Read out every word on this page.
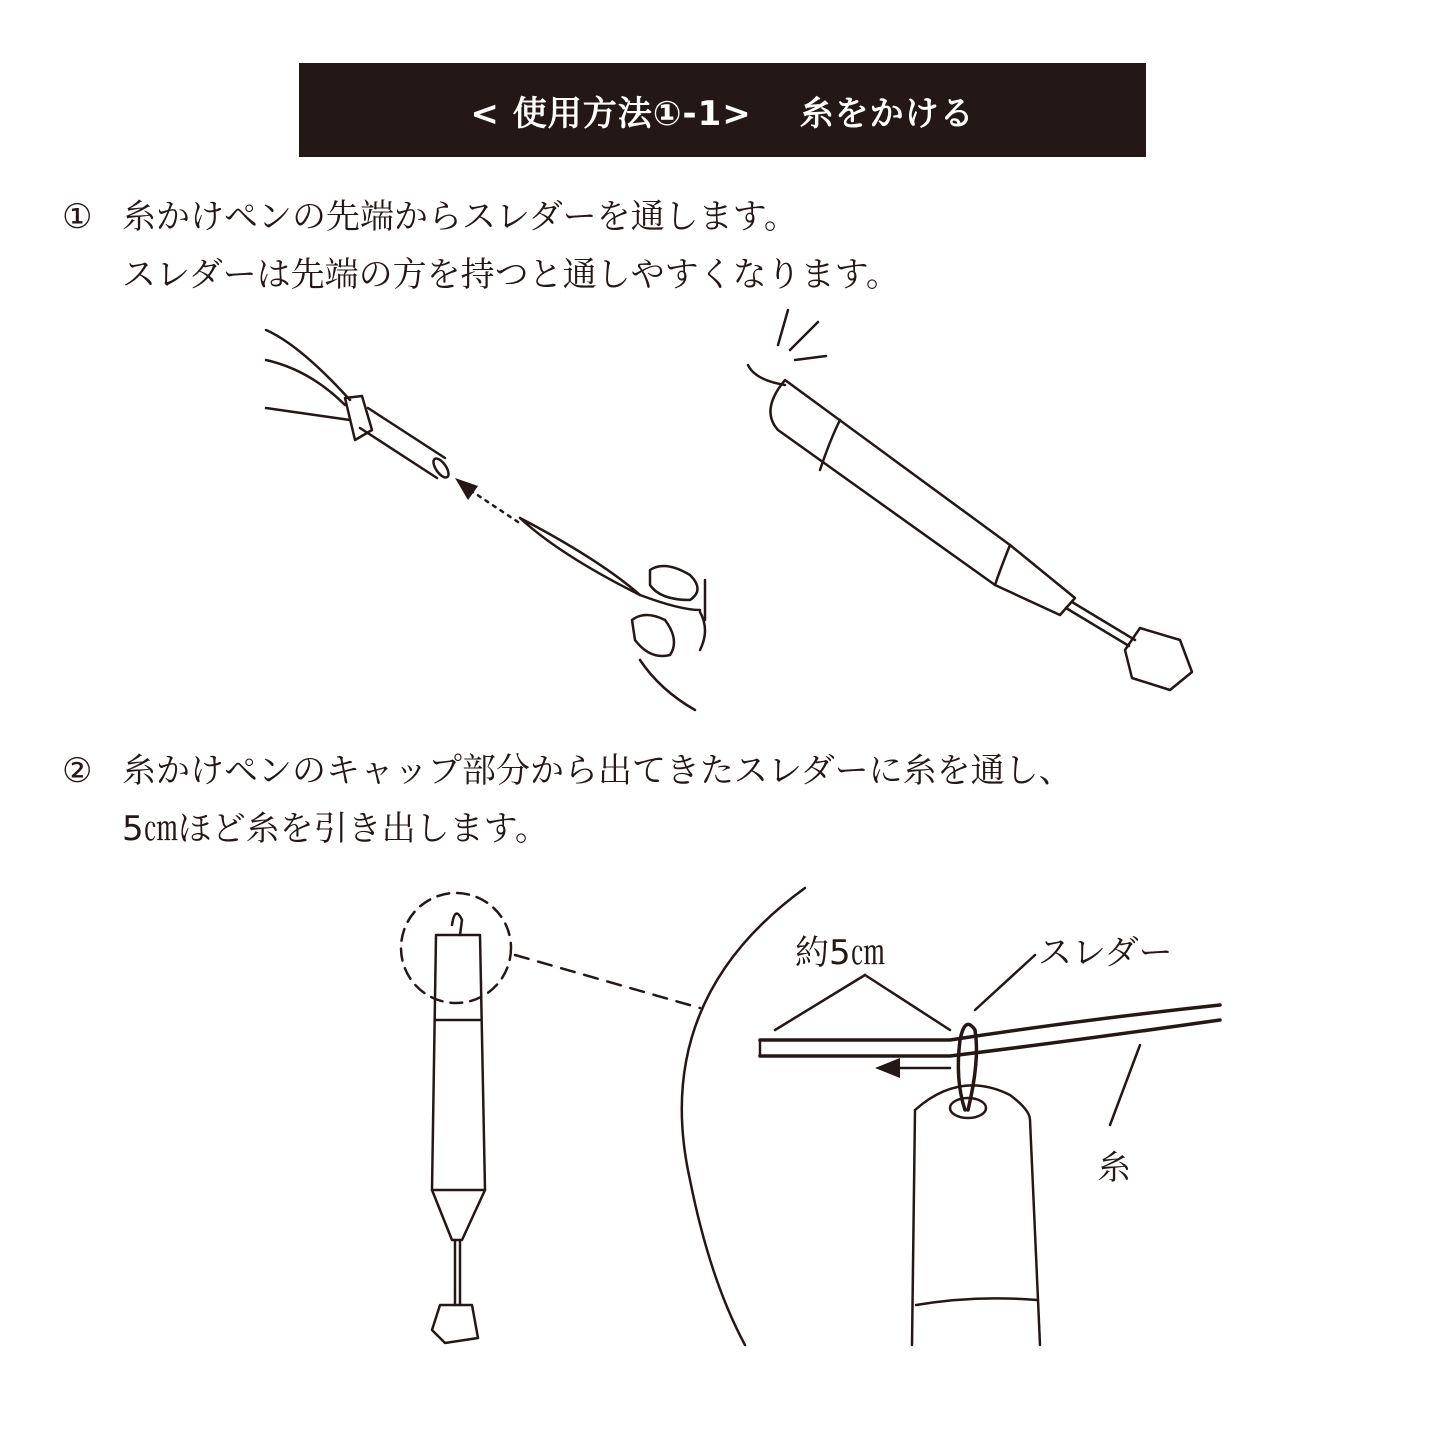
< 使用方法①-1>　 糸をかける
① 糸かけペンの先端からスレダーを通します。
スレダーは先端の方を持つと通しやすくなります。
② 糸かけペンのキャップ部分から出てきたスレダーに糸を通し、
5㎝ほど糸を引き出します。
約5㎝	スレダー
糸
